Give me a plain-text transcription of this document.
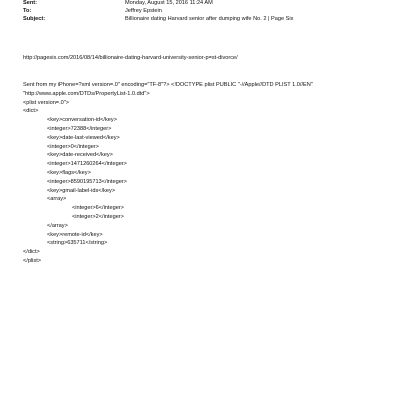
Sent:	Monday, August 15, 2016 11:24 AM
To:	Jeffrey Epstein
Subject:	Billionaire dating Harvard senior after dumping wife No. 2 | Page Six
http://pagesix.com/2016/08/14/billionaire-dating-harvard-university-senior-p=st-divorce/
Sent from my iPhone=?xml version=.0" encoding="TF-8"?> <!DOCTYPE plist PUBLIC "-//Apple//DTD PLIST 1.0//EN"
"http://www.apple.com/DTDs/PropertyList-1.0.dtd">
<plist version=.0">
<dict>
<key>conversation-id</key>
<integer>72388</integer>
<key>date-last-viewed</key>
<integer>0</integer>
<key>date-received</key>
<integer>1471260264</integer>
<key>flags</key>
<integer>8590195713</integer>
<key>gmail-label-ids</key>
<array>
<integer>6</integer>
<integer>2</integer>
</array>
<key>remote-id</key>
<string>635711</string>
</dict>
</plist>
